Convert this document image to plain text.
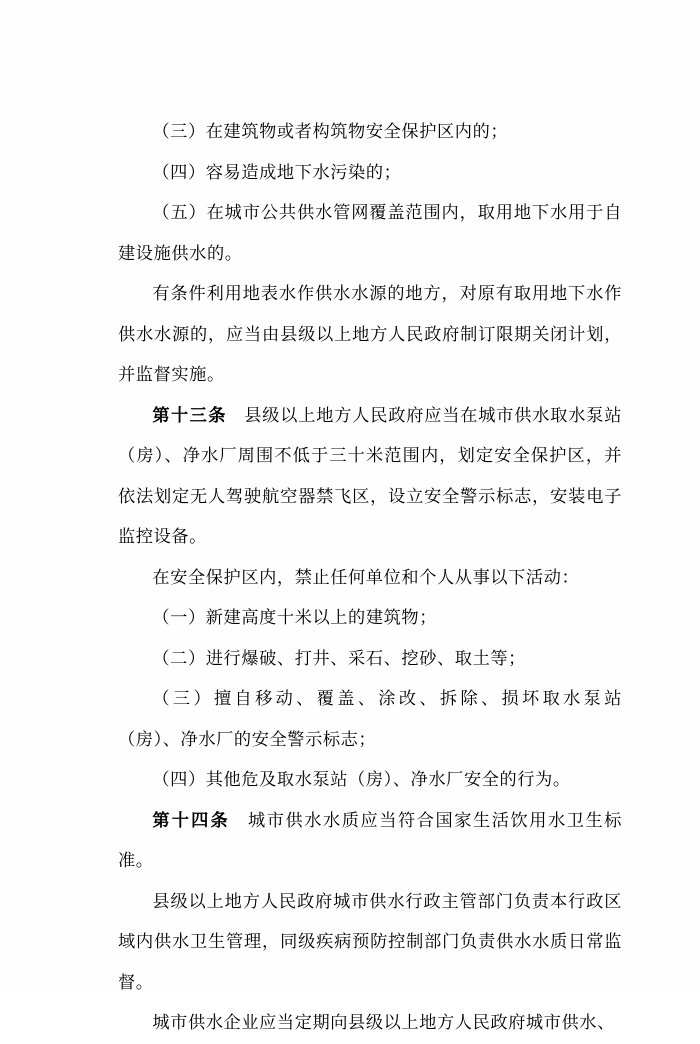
（三）在建筑物或者构筑物安全保护区内的；

（四）容易造成地下水污染的；

（五）在城市公共供水管网覆盖范围内，取用地下水用于自建设施供水的。

有条件利用地表水作供水水源的地方，对原有取用地下水作供水水源的，应当由县级以上地方人民政府制订限期关闭计划，并监督实施。

第十三条 县级以上地方人民政府应当在城市供水取水泵站（房）、净水厂周围不低于三十米范围内，划定安全保护区，并依法划定无人驾驶航空器禁飞区，设立安全警示标志，安装电子监控设备。

在安全保护区内，禁止任何单位和个人从事以下活动：

（一）新建高度十米以上的建筑物；

（二）进行爆破、打井、采石、挖砂、取土等；

（三）擅自移动、覆盖、涂改、拆除、损坏取水泵站（房）、净水厂的安全警示标志；

（四）其他危及取水泵站（房）、净水厂安全的行为。

第十四条 城市供水水质应当符合国家生活饮用水卫生标准。

县级以上地方人民政府城市供水行政主管部门负责本行政区域内供水卫生管理，同级疾病预防控制部门负责供水水质日常监督。

城市供水企业应当定期向县级以上地方人民政府城市供水、
